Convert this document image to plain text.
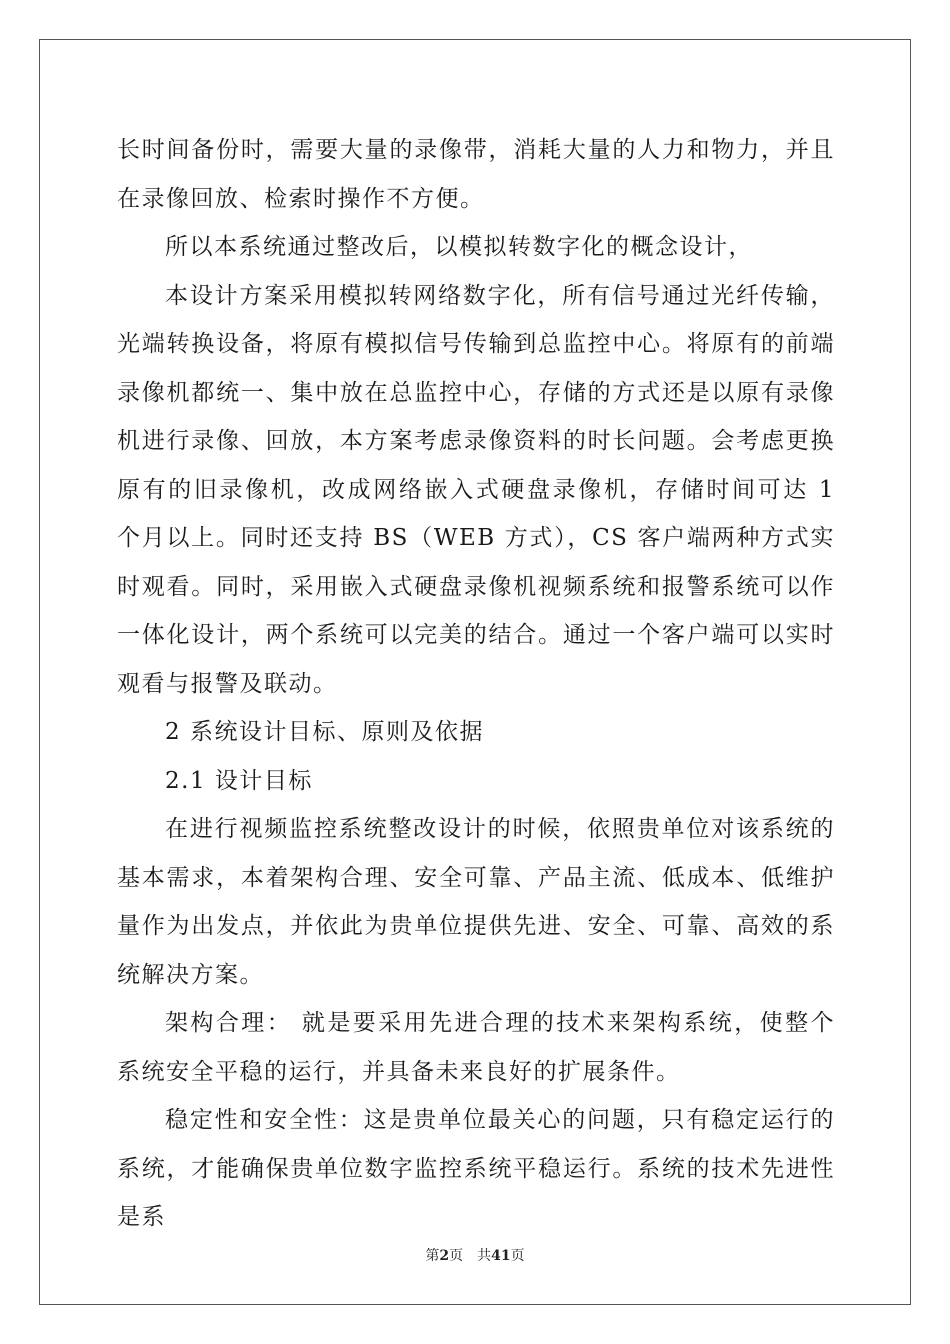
长时间备份时，需要大量的录像带，消耗大量的人力和物力，并且在录像回放、检索时操作不方便。

所以本系统通过整改后，以模拟转数字化的概念设计，

本设计方案采用模拟转网络数字化，所有信号通过光纤传输，光端转换设备，将原有模拟信号传输到总监控中心。将原有的前端录像机都统一、集中放在总监控中心，存储的方式还是以原有录像机进行录像、回放，本方案考虑录像资料的时长问题。会考虑更换原有的旧录像机，改成网络嵌入式硬盘录像机，存储时间可达 1 个月以上。同时还支持 BS（WEB 方式），CS 客户端两种方式实时观看。同时，采用嵌入式硬盘录像机视频系统和报警系统可以作一体化设计，两个系统可以完美的结合。通过一个客户端可以实时观看与报警及联动。

2 系统设计目标、原则及依据

2.1 设计目标

在进行视频监控系统整改设计的时候，依照贵单位对该系统的基本需求，本着架构合理、安全可靠、产品主流、低成本、低维护量作为出发点，并依此为贵单位提供先进、安全、可靠、高效的系统解决方案。

架构合理： 就是要采用先进合理的技术来架构系统，使整个系统安全平稳的运行，并具备未来良好的扩展条件。

稳定性和安全性：这是贵单位最关心的问题，只有稳定运行的系统，才能确保贵单位数字监控系统平稳运行。系统的技术先进性是系

第2页 共41页
